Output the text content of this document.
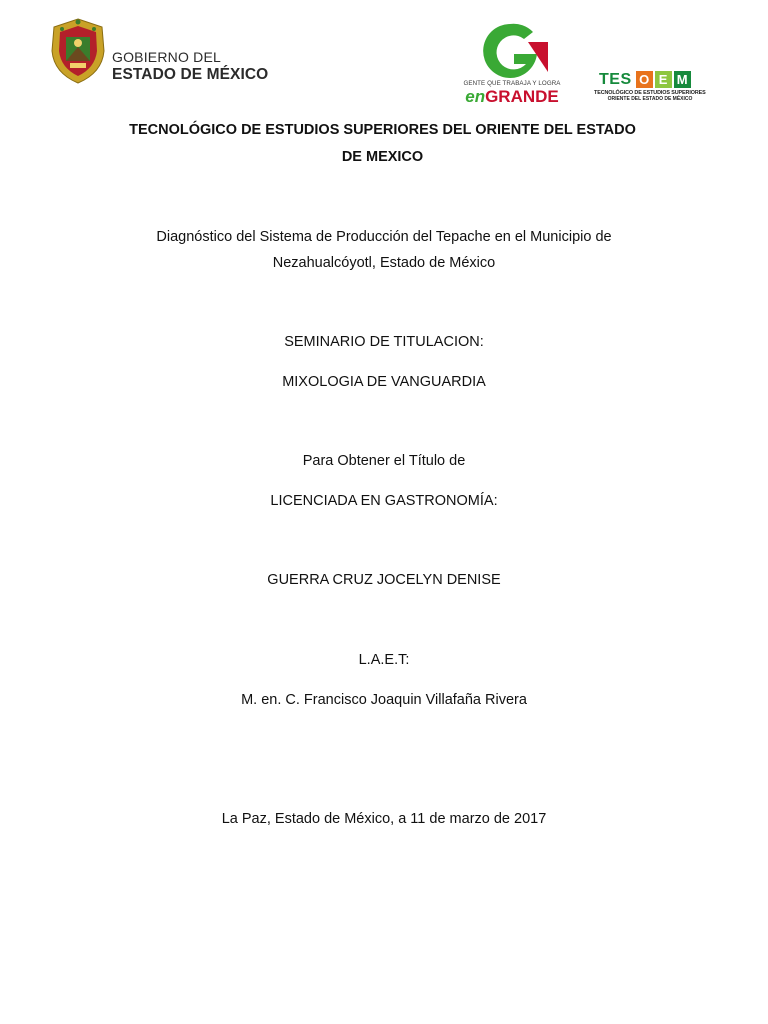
GOBIERNO DEL
ESTADO DE MÉXICO
GENTE QUE TRABAJA Y LOGRA
enGRANDE
TES O E M
TECNOLÓGICO DE ESTUDIOS SUPERIORES
ORIENTE DEL ESTADO DE MÉXICO
TECNOLÓGICO DE ESTUDIOS SUPERIORES DEL ORIENTE DEL ESTADO
DE MEXICO
Diagnóstico del Sistema de Producción del Tepache en el Municipio de
Nezahualcóyotl, Estado de México
SEMINARIO DE TITULACION:
MIXOLOGIA DE VANGUARDIA
Para Obtener el Título de
LICENCIADA EN GASTRONOMÍA:
GUERRA CRUZ JOCELYN DENISE
L.A.E.T:
M. en. C. Francisco Joaquin Villafaña Rivera
La Paz, Estado de México, a 11 de marzo de 2017
